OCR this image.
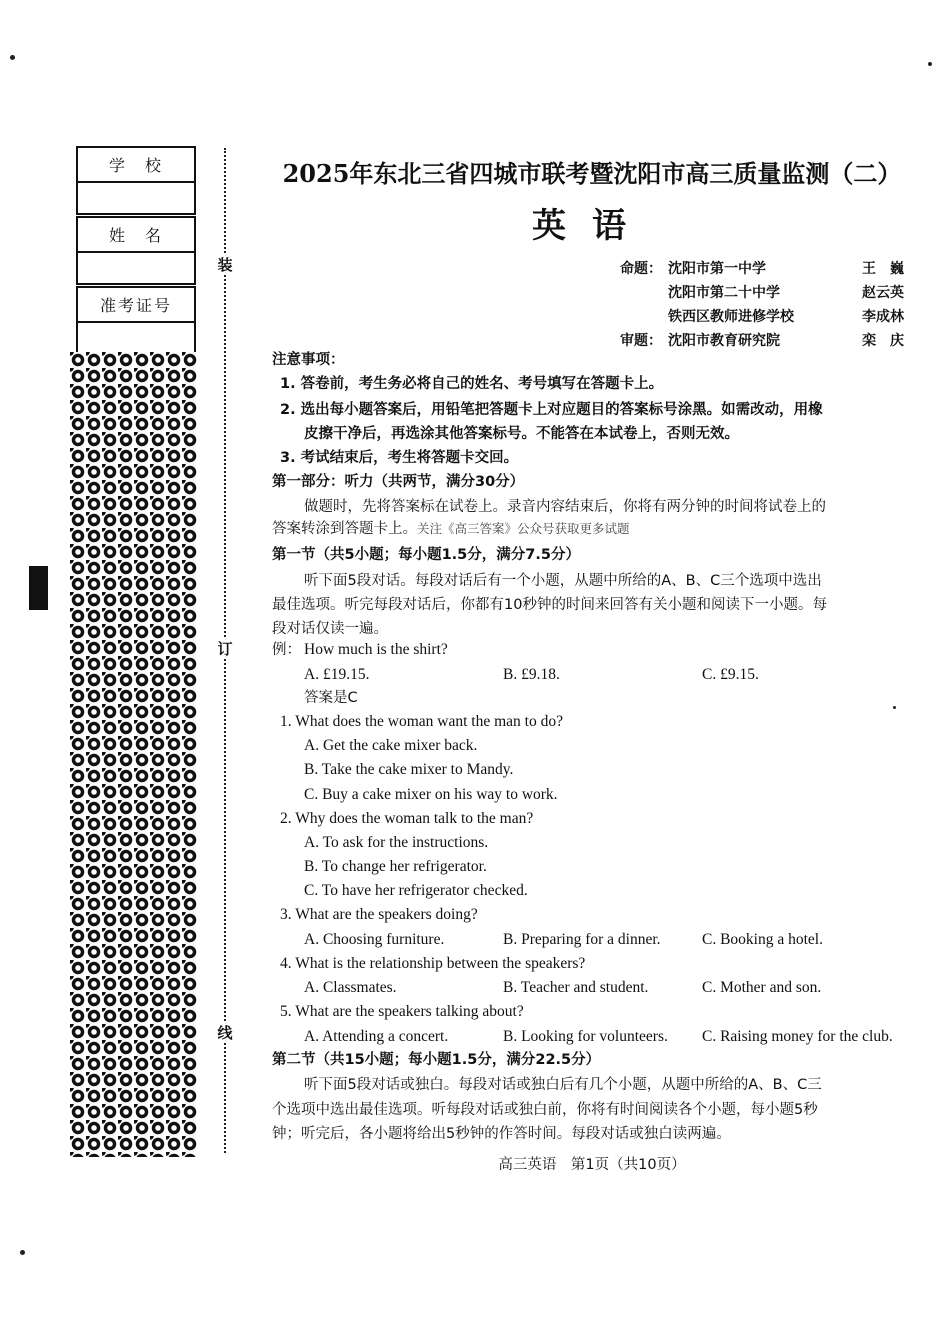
学　校
姓　名
准考证号
装
订
线
2025年东北三省四城市联考暨沈阳市高三质量监测（二）
英语
命题： 沈阳市第一中学	王　巍
沈阳市第二十中学	赵云英
铁西区教师进修学校	李成林
审题： 沈阳市教育研究院	栾　庆
注意事项：
1. 答卷前，考生务必将自己的姓名、考号填写在答题卡上。
2. 选出每小题答案后，用铅笔把答题卡上对应题目的答案标号涂黑。如需改动，用橡
皮擦干净后，再选涂其他答案标号。不能答在本试卷上，否则无效。
3. 考试结束后，考生将答题卡交回。
第一部分：听力（共两节，满分30分）
做题时，先将答案标在试卷上。录音内容结束后，你将有两分钟的时间将试卷上的
答案转涂到答题卡上。关注《高三答案》公众号获取更多试题
第一节（共5小题；每小题1.5分，满分7.5分）
听下面5段对话。每段对话后有一个小题，从题中所给的A、B、C三个选项中选出
最佳选项。听完每段对话后，你都有10秒钟的时间来回答有关小题和阅读下一小题。每
段对话仅读一遍。
例： How much is the shirt?
A. £19.15.	B. £9.18.	C. £9.15.
答案是C
1. What does the woman want the man to do?
A. Get the cake mixer back.
B. Take the cake mixer to Mandy.
C. Buy a cake mixer on his way to work.
2. Why does the woman talk to the man?
A. To ask for the instructions.
B. To change her refrigerator.
C. To have her refrigerator checked.
3. What are the speakers doing?
A. Choosing furniture.	B. Preparing for a dinner.	C. Booking a hotel.
4. What is the relationship between the speakers?
A. Classmates.	B. Teacher and student.	C. Mother and son.
5. What are the speakers talking about?
A. Attending a concert.	B. Looking for volunteers. C. Raising money for the club.
第二节（共15小题；每小题1.5分，满分22.5分）
听下面5段对话或独白。每段对话或独白后有几个小题，从题中所给的A、B、C三
个选项中选出最佳选项。听每段对话或独白前，你将有时间阅读各个小题，每小题5秒
钟；听完后，各小题将给出5秒钟的作答时间。每段对话或独白读两遍。
高三英语　第1页（共10页）
